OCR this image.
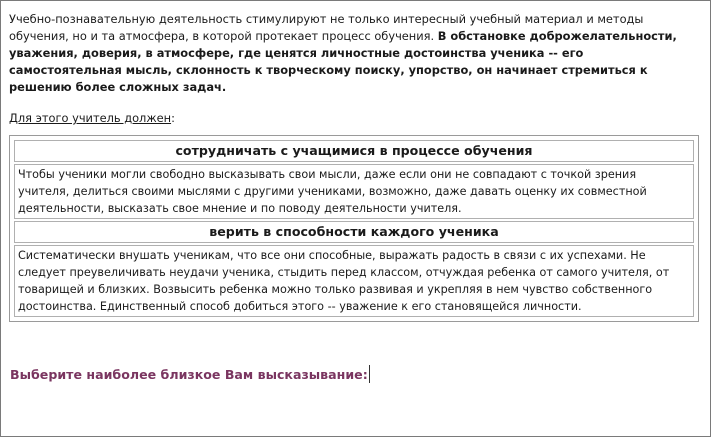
Учебно-познавательную деятельность стимулируют не только интересный учебный материал и методы обучения, но и та атмосфера, в которой протекает процесс обучения. В обстановке доброжелательности, уважения, доверия, в атмосфере, где ценятся личностные достоинства ученика -- его самостоятельная мысль, склонность к творческому поиску, упорство, он начинает стремиться к решению более сложных задач.

Для этого учитель должен:

сотрудничать с учащимися в процессе обучения
Чтобы ученики могли свободно высказывать свои мысли, даже если они не совпадают с точкой зрения учителя, делиться своими мыслями с другими учениками, возможно, даже давать оценку их совместной деятельности, высказать свое мнение и по поводу деятельности учителя.
верить в способности каждого ученика
Систематически внушать ученикам, что все они способные, выражать радость в связи с их успехами. Не следует преувеличивать неудачи ученика, стыдить перед классом, отчуждая ребенка от самого учителя, от товарищей и близких. Возвысить ребенка можно только развивая и укрепляя в нем чувство собственного достоинства. Единственный способ добиться этого -- уважение к его становящейся личности.
Выберите наиболее близкое Вам высказывание:
